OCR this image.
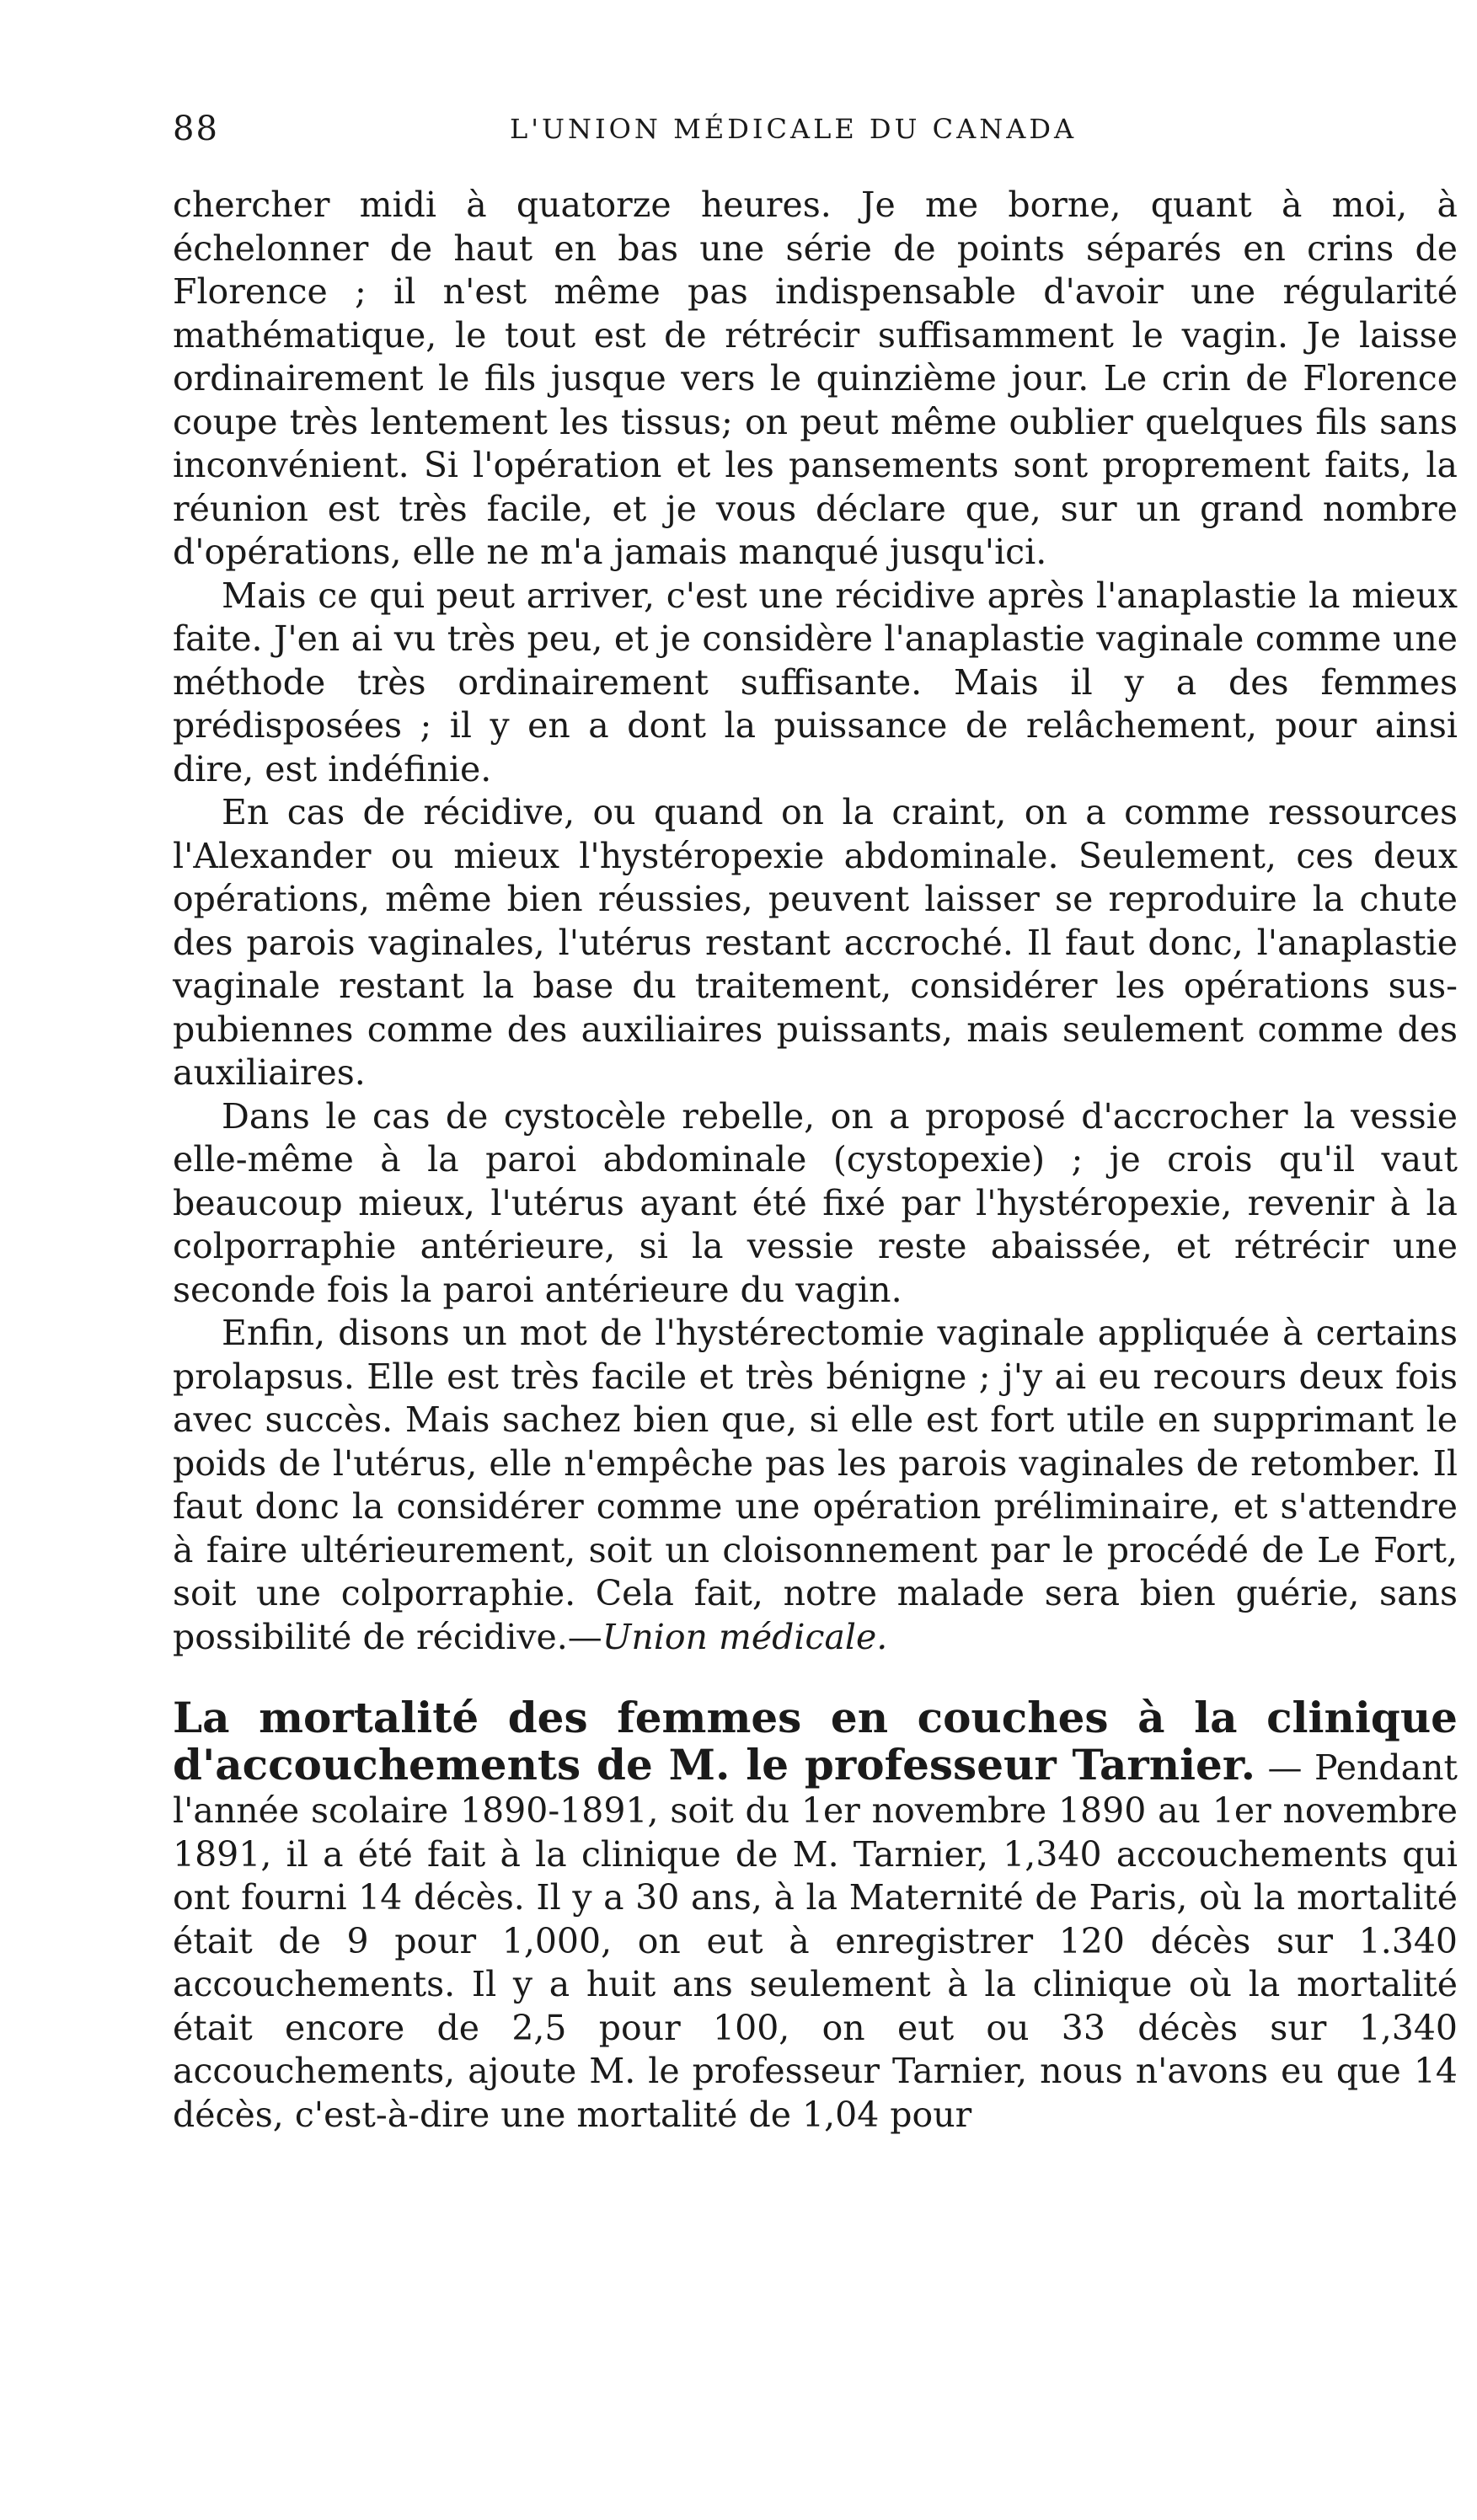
88	L'UNION MÉDICALE DU CANADA

chercher midi à quatorze heures. Je me borne, quant à moi, à échelonner de haut en bas une série de points séparés en crins de Florence ; il n'est même pas indispensable d'avoir une régularité mathématique, le tout est de rétrécir suffisamment le vagin. Je laisse ordinairement le fils jusque vers le quinzième jour. Le crin de Florence coupe très lentement les tissus; on peut même oublier quelques fils sans inconvénient. Si l'opération et les pansements sont proprement faits, la réunion est très facile, et je vous déclare que, sur un grand nombre d'opérations, elle ne m'a jamais manqué jusqu'ici.

Mais ce qui peut arriver, c'est une récidive après l'anaplastie la mieux faite. J'en ai vu très peu, et je considère l'anaplastie vaginale comme une méthode très ordinairement suffisante. Mais il y a des femmes prédisposées ; il y en a dont la puissance de relâchement, pour ainsi dire, est indéfinie.

En cas de récidive, ou quand on la craint, on a comme ressources l'Alexander ou mieux l'hystéropexie abdominale. Seulement, ces deux opérations, même bien réussies, peuvent laisser se reproduire la chute des parois vaginales, l'utérus restant accroché. Il faut donc, l'anaplastie vaginale restant la base du traitement, considérer les opérations sus-pubiennes comme des auxiliaires puissants, mais seulement comme des auxiliaires.

Dans le cas de cystocèle rebelle, on a proposé d'accrocher la vessie elle-même à la paroi abdominale (cystopexie) ; je crois qu'il vaut beaucoup mieux, l'utérus ayant été fixé par l'hystéropexie, revenir à la colporraphie antérieure, si la vessie reste abaissée, et rétrécir une seconde fois la paroi antérieure du vagin.

Enfin, disons un mot de l'hystérectomie vaginale appliquée à certains prolapsus. Elle est très facile et très bénigne ; j'y ai eu recours deux fois avec succès. Mais sachez bien que, si elle est fort utile en supprimant le poids de l'utérus, elle n'empêche pas les parois vaginales de retomber. Il faut donc la considérer comme une opération préliminaire, et s'attendre à faire ultérieurement, soit un cloisonnement par le procédé de Le Fort, soit une colporraphie. Cela fait, notre malade sera bien guérie, sans possibilité de récidive.—Union médicale.

La mortalité des femmes en couches à la clinique d'accouchements de M. le professeur Tarnier. — Pendant l'année scolaire 1890-1891, soit du 1er novembre 1890 au 1er novembre 1891, il a été fait à la clinique de M. Tarnier, 1,340 accouchements qui ont fourni 14 décès. Il y a 30 ans, à la Maternité de Paris, où la mortalité était de 9 pour 1,000, on eut à enregistrer 120 décès sur 1.340 accouchements. Il y a huit ans seulement à la clinique où la mortalité était encore de 2,5 pour 100, on eut ou 33 décès sur 1,340 accouchements, ajoute M. le professeur Tarnier, nous n'avons eu que 14 décès, c'est-à-dire une mortalité de 1,04 pour
